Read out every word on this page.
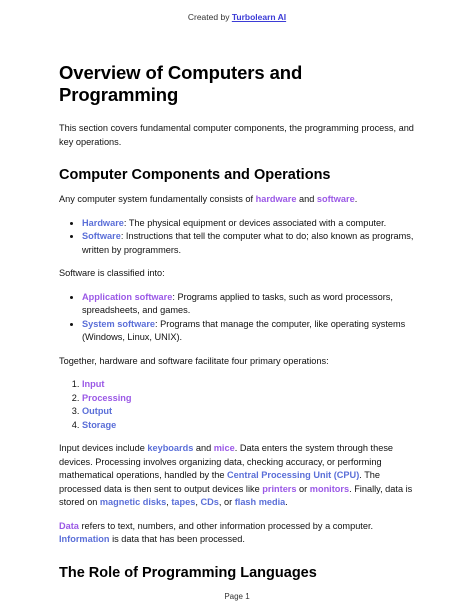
Created by Turbolearn AI
Overview of Computers and Programming

This section covers fundamental computer components, the programming process, and key operations.

Computer Components and Operations

Any computer system fundamentally consists of hardware and software.

• Hardware: The physical equipment or devices associated with a computer.
• Software: Instructions that tell the computer what to do; also known as programs, written by programmers.

Software is classified into:

• Application software: Programs applied to tasks, such as word processors, spreadsheets, and games.
• System software: Programs that manage the computer, like operating systems (Windows, Linux, UNIX).

Together, hardware and software facilitate four primary operations:

1. Input
2. Processing
3. Output
4. Storage

Input devices include keyboards and mice. Data enters the system through these devices. Processing involves organizing data, checking accuracy, or performing mathematical operations, handled by the Central Processing Unit (CPU). The processed data is then sent to output devices like printers or monitors. Finally, data is stored on magnetic disks, tapes, CDs, or flash media.

Data refers to text, numbers, and other information processed by a computer.
Information is data that has been processed.

The Role of Programming Languages
Page 1
